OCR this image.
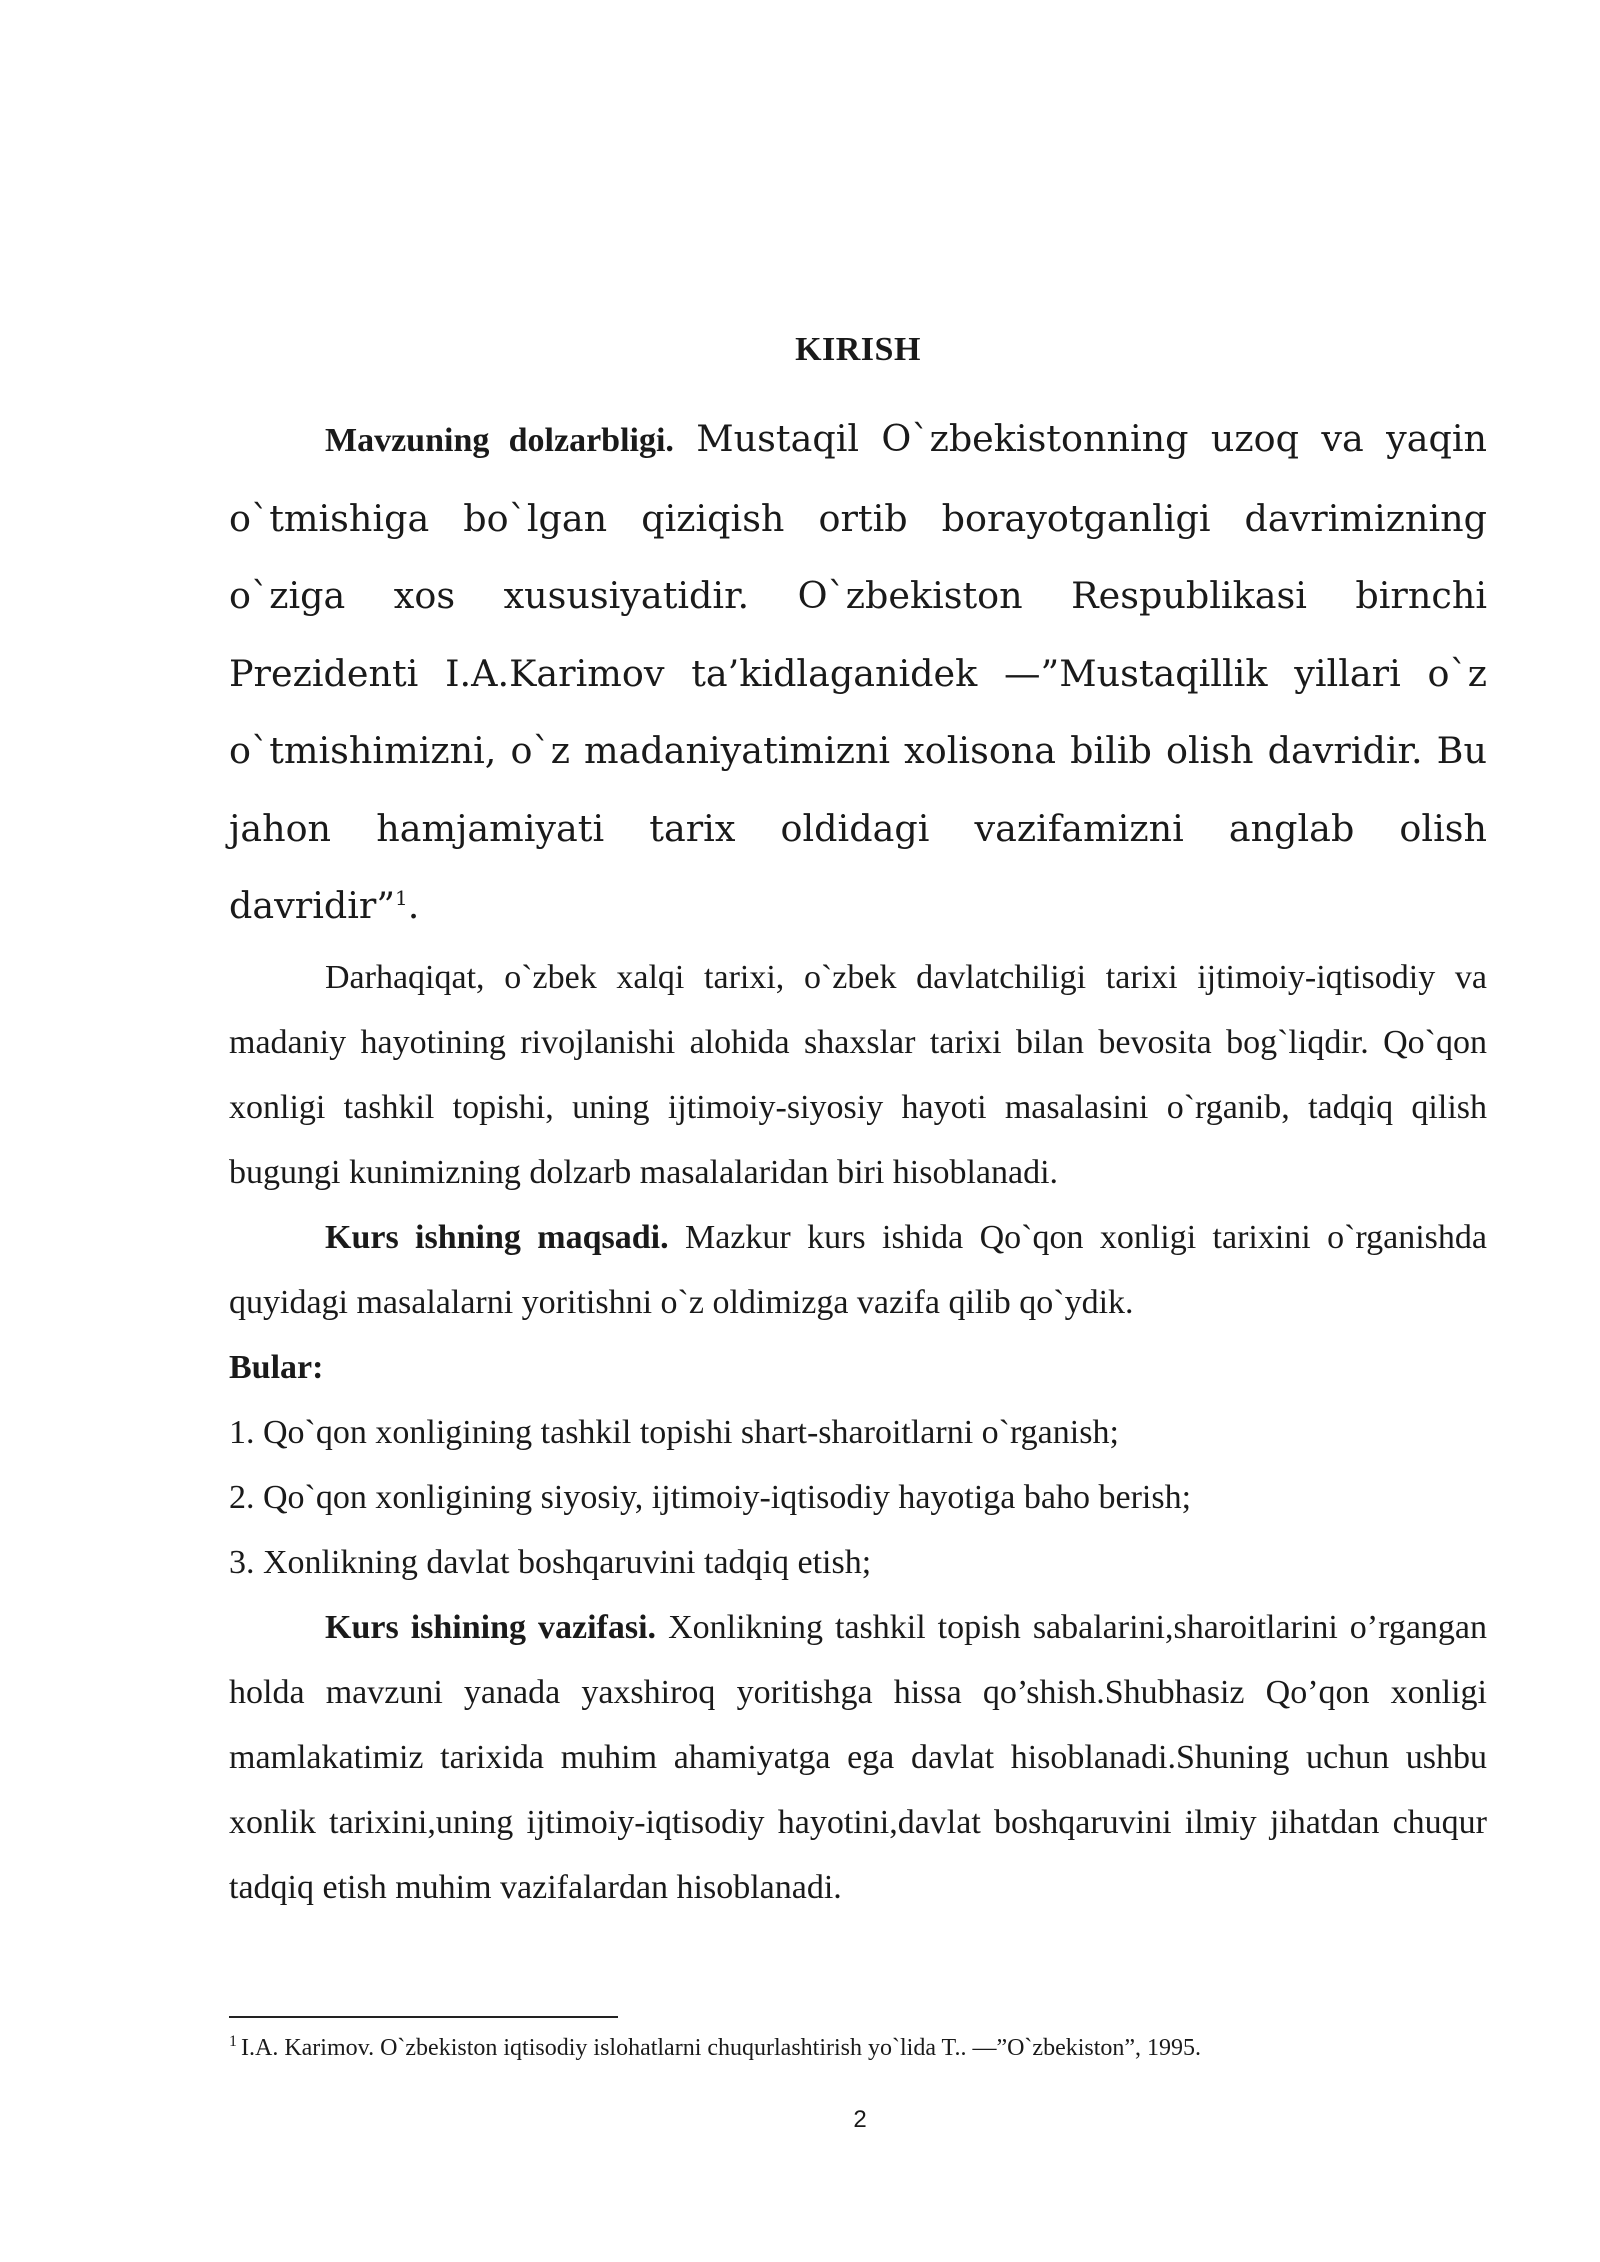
KIRISH

Mavzuning dolzarbligi. Mustaqil O`zbekistonning uzoq va yaqin o`tmishiga bo`lgan qiziqish ortib borayotganligi davrimizning o`ziga xos xususiyatidir. O`zbekiston Respublikasi birnchi Prezidenti I.A.Karimov ta’kidlaganidek —”Mustaqillik yillari o`z o`tmishimizni, o`z madaniyatimizni xolisona bilib olish davridir. Bu jahon hamjamiyati tarix oldidagi vazifamizni anglab olish davridir”$^1$.

Darhaqiqat, o`zbek xalqi tarixi, o`zbek davlatchiligi tarixi ijtimoiy-iqtisodiy va madaniy hayotining rivojlanishi alohida shaxslar tarixi bilan bevosita bog`liqdir. Qo`qon xonligi tashkil topishi, uning ijtimoiy-siyosiy hayoti masalasini o`rganib, tadqiq qilish bugungi kunimizning dolzarb masalalaridan biri hisoblanadi.

Kurs ishning maqsadi. Mazkur kurs ishida Qo`qon xonligi tarixini o`rganishda quyidagi masalalarni yoritishni o`z oldimizga vazifa qilib qo`ydik.

Bular:

1. Qo`qon xonligining tashkil topishi shart-sharoitlarni o`rganish;

2. Qo`qon xonligining siyosiy, ijtimoiy-iqtisodiy hayotiga baho berish;

3. Xonlikning davlat boshqaruvini tadqiq etish;

Kurs ishining vazifasi. Xonlikning tashkil topish sabalarini,sharoitlarini o’rgangan holda mavzuni yanada yaxshiroq yoritishga hissa qo’shish.Shubhasiz Qo’qon xonligi mamlakatimiz tarixida muhim ahamiyatga ega davlat hisoblanadi.Shuning uchun ushbu xonlik tarixini,uning ijtimoiy-iqtisodiy hayotini,davlat boshqaruvini ilmiy jihatdan chuqur tadqiq etish muhim vazifalardan hisoblanadi.

$^1$ I.A. Karimov. O`zbekiston iqtisodiy islohatlarni chuqurlashtirish yo`lida T.. —”O`zbekiston”, 1995.
2
